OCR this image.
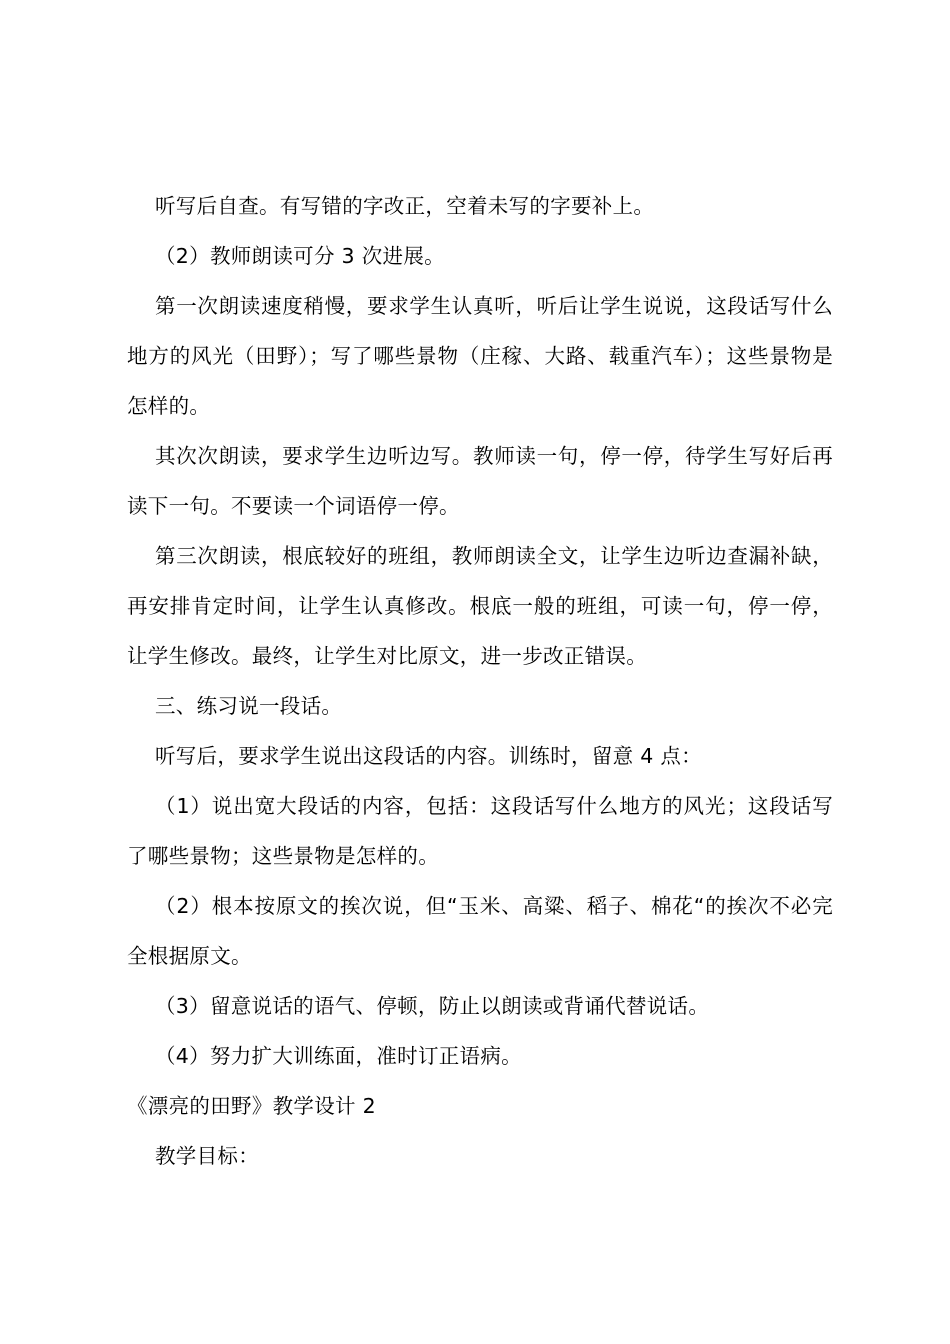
听写后自查。有写错的字改正，空着未写的字要补上。

（2）教师朗读可分 3 次进展。

第一次朗读速度稍慢，要求学生认真听，听后让学生说说，这段话写什么地方的风光（田野）；写了哪些景物（庄稼、大路、载重汽车）；这些景物是怎样的。

其次次朗读，要求学生边听边写。教师读一句，停一停，待学生写好后再读下一句。不要读一个词语停一停。

第三次朗读，根底较好的班组，教师朗读全文，让学生边听边查漏补缺，再安排肯定时间，让学生认真修改。根底一般的班组，可读一句，停一停，让学生修改。最终，让学生对比原文，进一步改正错误。

三、练习说一段话。

听写后，要求学生说出这段话的内容。训练时，留意 4 点：

（1）说出宽大段话的内容，包括：这段话写什么地方的风光；这段话写了哪些景物；这些景物是怎样的。

（2）根本按原文的挨次说，但“玉米、高粱、稻子、棉花“的挨次不必完全根据原文。

（3）留意说话的语气、停顿，防止以朗读或背诵代替说话。

（4）努力扩大训练面，准时订正语病。

《漂亮的田野》教学设计 2

教学目标：
